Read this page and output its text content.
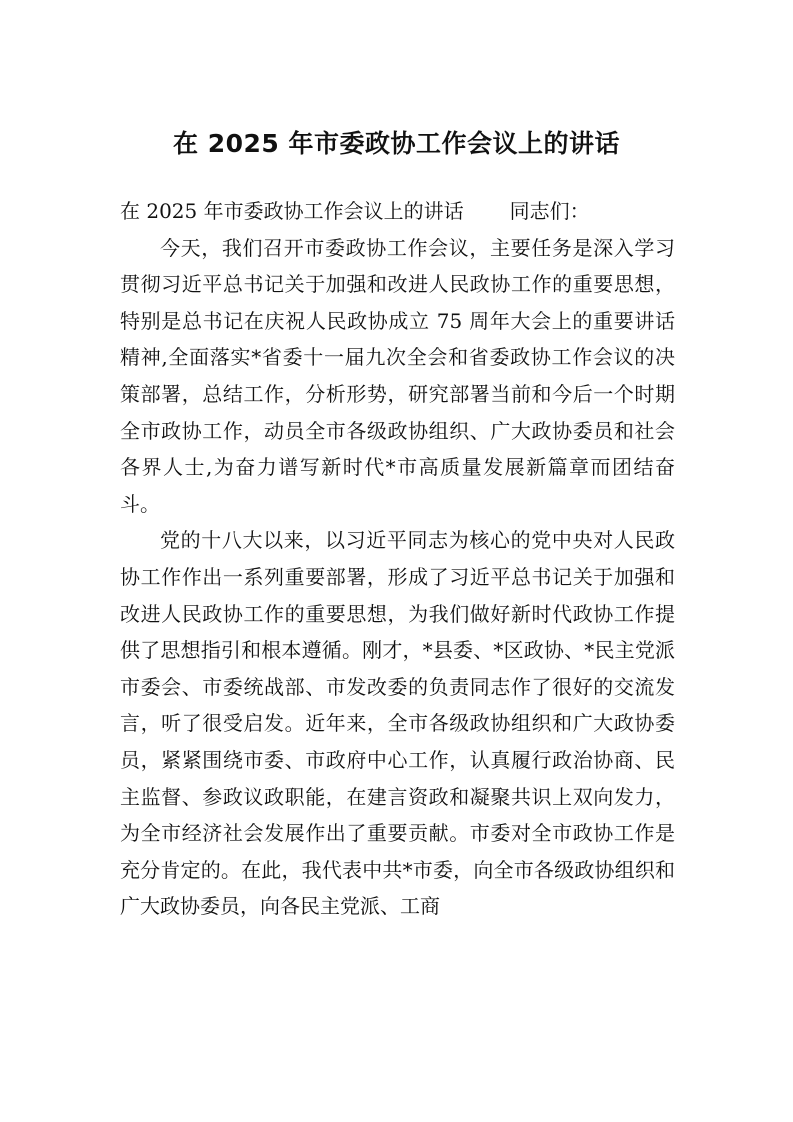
在 2025 年市委政协工作会议上的讲话

在 2025 年市委政协工作会议上的讲话 同志们：

今天，我们召开市委政协工作会议，主要任务是深入学习贯彻习近平总书记关于加强和改进人民政协工作的重要思想，特别是总书记在庆祝人民政协成立 75 周年大会上的重要讲话精神,全面落实*省委十一届九次全会和省委政协工作会议的决策部署，总结工作，分析形势，研究部署当前和今后一个时期全市政协工作，动员全市各级政协组织、广大政协委员和社会各界人士,为奋力谱写新时代*市高质量发展新篇章而团结奋斗。

党的十八大以来，以习近平同志为核心的党中央对人民政协工作作出一系列重要部署，形成了习近平总书记关于加强和改进人民政协工作的重要思想，为我们做好新时代政协工作提供了思想指引和根本遵循。刚才，*县委、*区政协、*民主党派市委会、市委统战部、市发改委的负责同志作了很好的交流发言，听了很受启发。近年来，全市各级政协组织和广大政协委员，紧紧围绕市委、市政府中心工作，认真履行政治协商、民主监督、参政议政职能，在建言资政和凝聚共识上双向发力，为全市经济社会发展作出了重要贡献。市委对全市政协工作是充分肯定的。在此，我代表中共*市委，向全市各级政协组织和广大政协委员，向各民主党派、工商
